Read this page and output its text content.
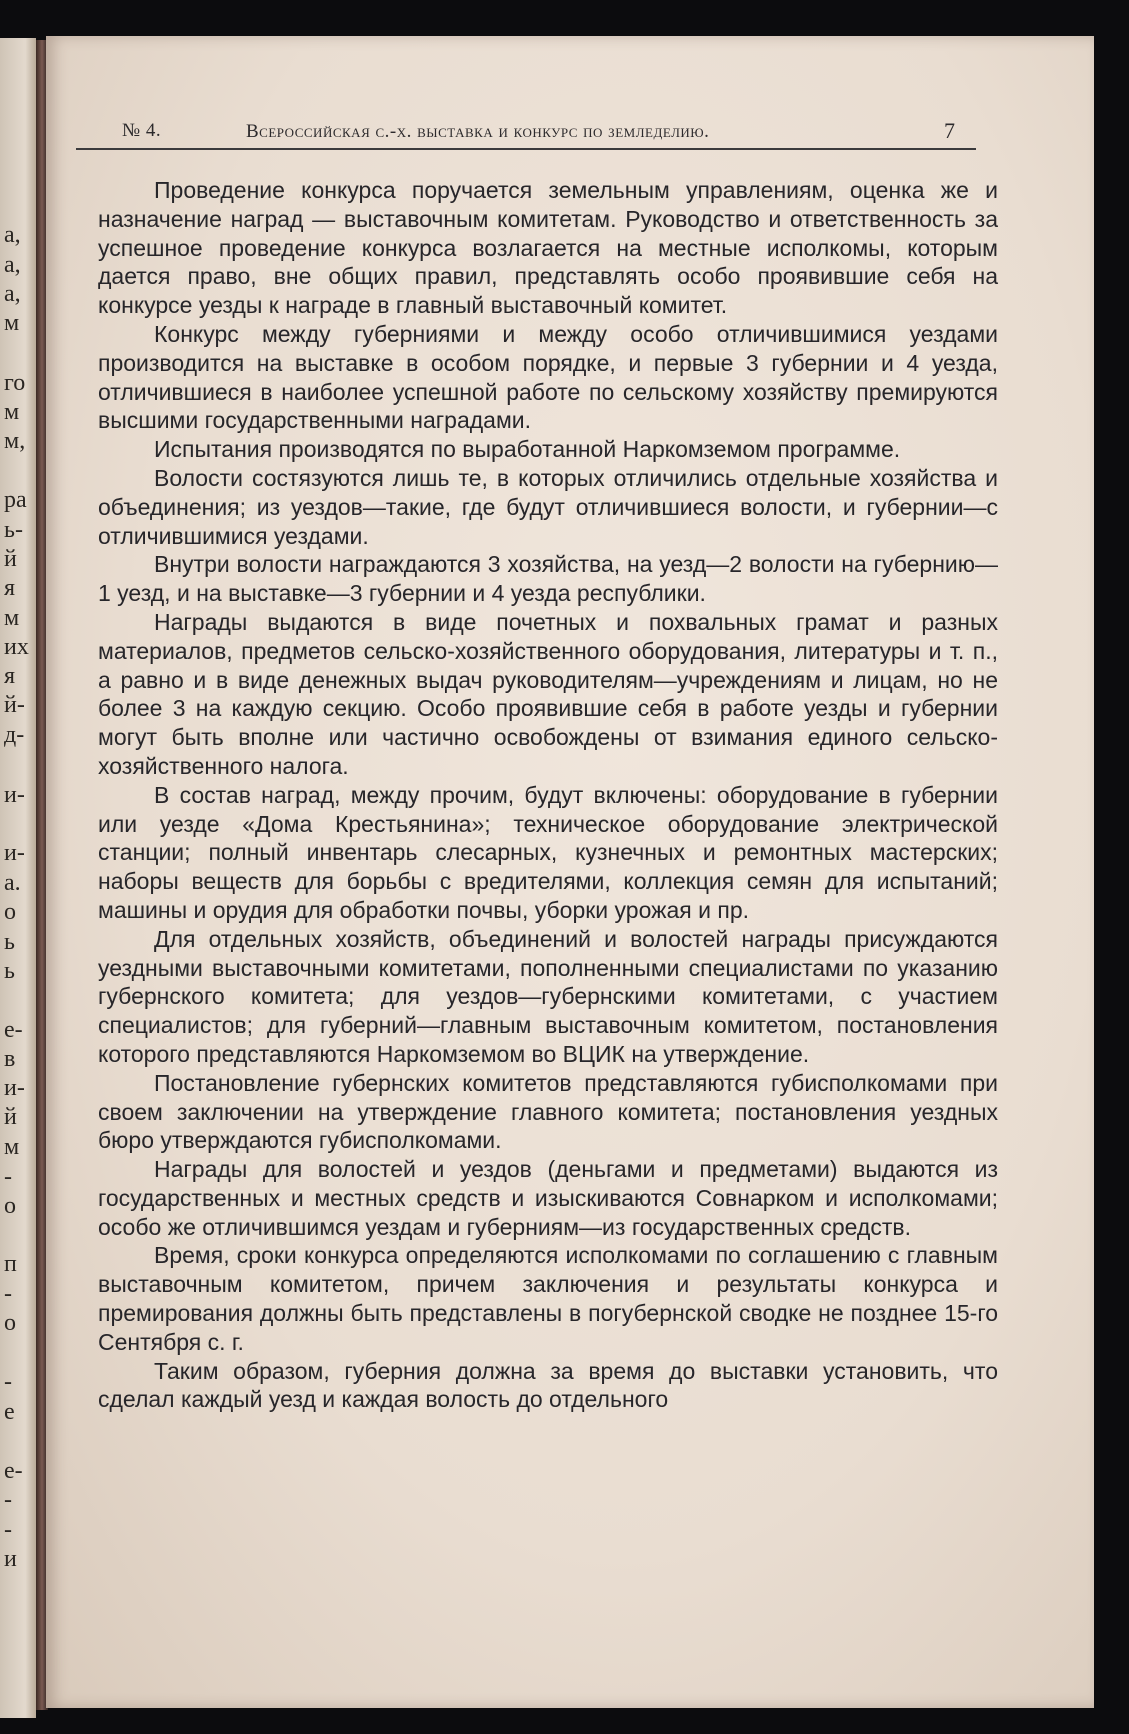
а,
а,
а,
м
го
м
м,
ра
ь-
й
я
м
их
я
й-
д-
и-
и-
а.
о
ь
ь
е-
в
и-
й
м
-
о
п
-
о
-
е
е-
-
-
и
№ 4.	Всероссийская с.-х. выставка и конкурс по земледелию.	7

Проведение конкурса поручается земельным управлениям, оценка же и назначение наград — выставочным комитетам. Руководство и ответственность за успешное проведение конкурса возлагается на местные исполкомы, которым дается право, вне общих правил, представлять особо проявившие себя на конкурсе уезды к награде в главный выставочный комитет.

Конкурс между губерниями и между особо отличившимися уездами производится на выставке в особом порядке, и первые 3 губернии и 4 уезда, отличившиеся в наиболее успешной работе по сельскому хозяйству премируются высшими государственными наградами.

Испытания производятся по выработанной Наркомземом программе.

Волости состязуются лишь те, в которых отличились отдельные хозяйства и объединения; из уездов—такие, где будут отличившиеся волости, и губернии—с отличившимися уездами.

Внутри волости награждаются 3 хозяйства, на уезд—2 волости на губернию—1 уезд, и на выставке—3 губернии и 4 уезда республики.

Награды выдаются в виде почетных и похвальных грамат и разных материалов, предметов сельско-хозяйственного оборудования, литературы и т. п., а равно и в виде денежных выдач руководителям—учреждениям и лицам, но не более 3 на каждую секцию. Особо проявившие себя в работе уезды и губернии могут быть вполне или частично освобождены от взимания единого сельско-хозяйственного налога.

В состав наград, между прочим, будут включены: оборудование в губернии или уезде «Дома Крестьянина»; техническое оборудование электрической станции; полный инвентарь слесарных, кузнечных и ремонтных мастерских; наборы веществ для борьбы с вредителями, коллекция семян для испытаний; машины и орудия для обработки почвы, уборки урожая и пр.

Для отдельных хозяйств, объединений и волостей награды присуждаются уездными выставочными комитетами, пополненными специалистами по указанию губернского комитета; для уездов—губернскими комитетами, с участием специалистов; для губерний—главным выставочным комитетом, постановления которого представляются Наркомземом во ВЦИК на утверждение.

Постановление губернских комитетов представляются губисполкомами при своем заключении на утверждение главного комитета; постановления уездных бюро утверждаются губисполкомами.

Награды для волостей и уездов (деньгами и предметами) выдаются из государственных и местных средств и изыскиваются Совнарком и исполкомами; особо же отличившимся уездам и губерниям—из государственных средств.

Время, сроки конкурса определяются исполкомами по соглашению с главным выставочным комитетом, причем заключения и результаты конкурса и премирования должны быть представлены в погубернской сводке не позднее 15-го Сентября с. г.

Таким образом, губерния должна за время до выставки установить, что сделал каждый уезд и каждая волость до отдельного
